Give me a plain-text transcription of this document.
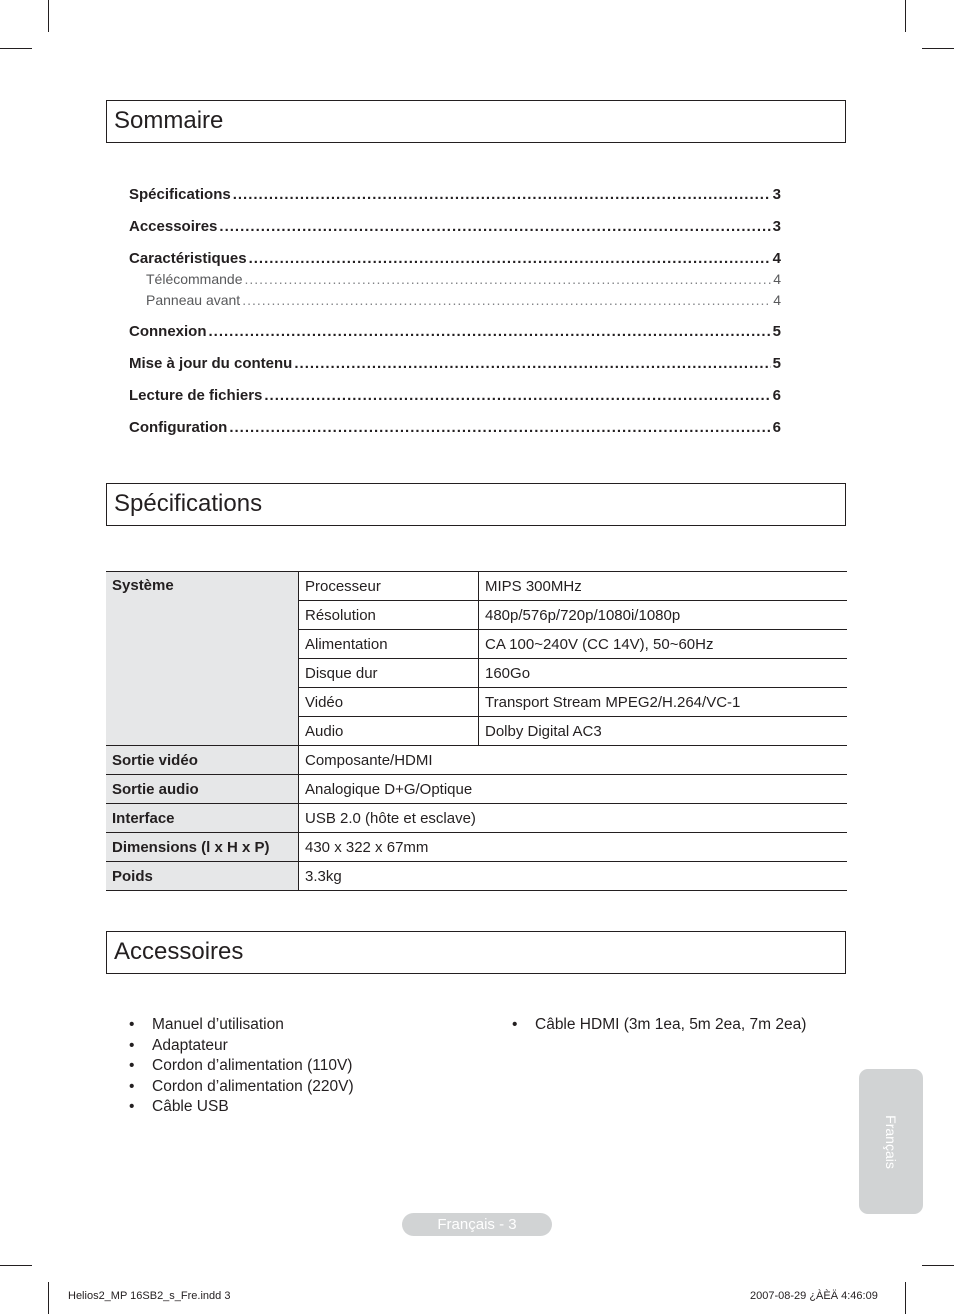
Sommaire
Spécifications .....	3
Accessoires .....	3
Caractéristiques .....	4
Télécommande .....	4
Panneau avant .....	4
Connexion .....	5
Mise à jour du contenu .....	5
Lecture de fichiers .....	6
Configuration .....	6
Spécifications
Système	Processeur	MIPS 300MHz
	Résolution	480p/576p/720p/1080i/1080p
	Alimentation	CA 100~240V (CC 14V), 50~60Hz
	Disque dur	160Go
	Vidéo	Transport Stream MPEG2/H.264/VC-1
	Audio	Dolby Digital AC3
Sortie vidéo	Composante/HDMI	
Sortie audio	Analogique D+G/Optique	
Interface	USB 2.0 (hôte et esclave)	
Dimensions (l x H x P)	430 x 322 x 67mm	
Poids	3.3kg	
Accessoires
• Manuel d’utilisation
• Adaptateur
• Cordon d’alimentation (110V)
• Cordon d’alimentation (220V)
• Câble USB
• Câble HDMI (3m 1ea, 5m 2ea, 7m 2ea)
Français
Français - 3
Helios2_MP 16SB2_s_Fre.indd 3	2007-08-29 ¿ÀÈÄ 4:46:09
